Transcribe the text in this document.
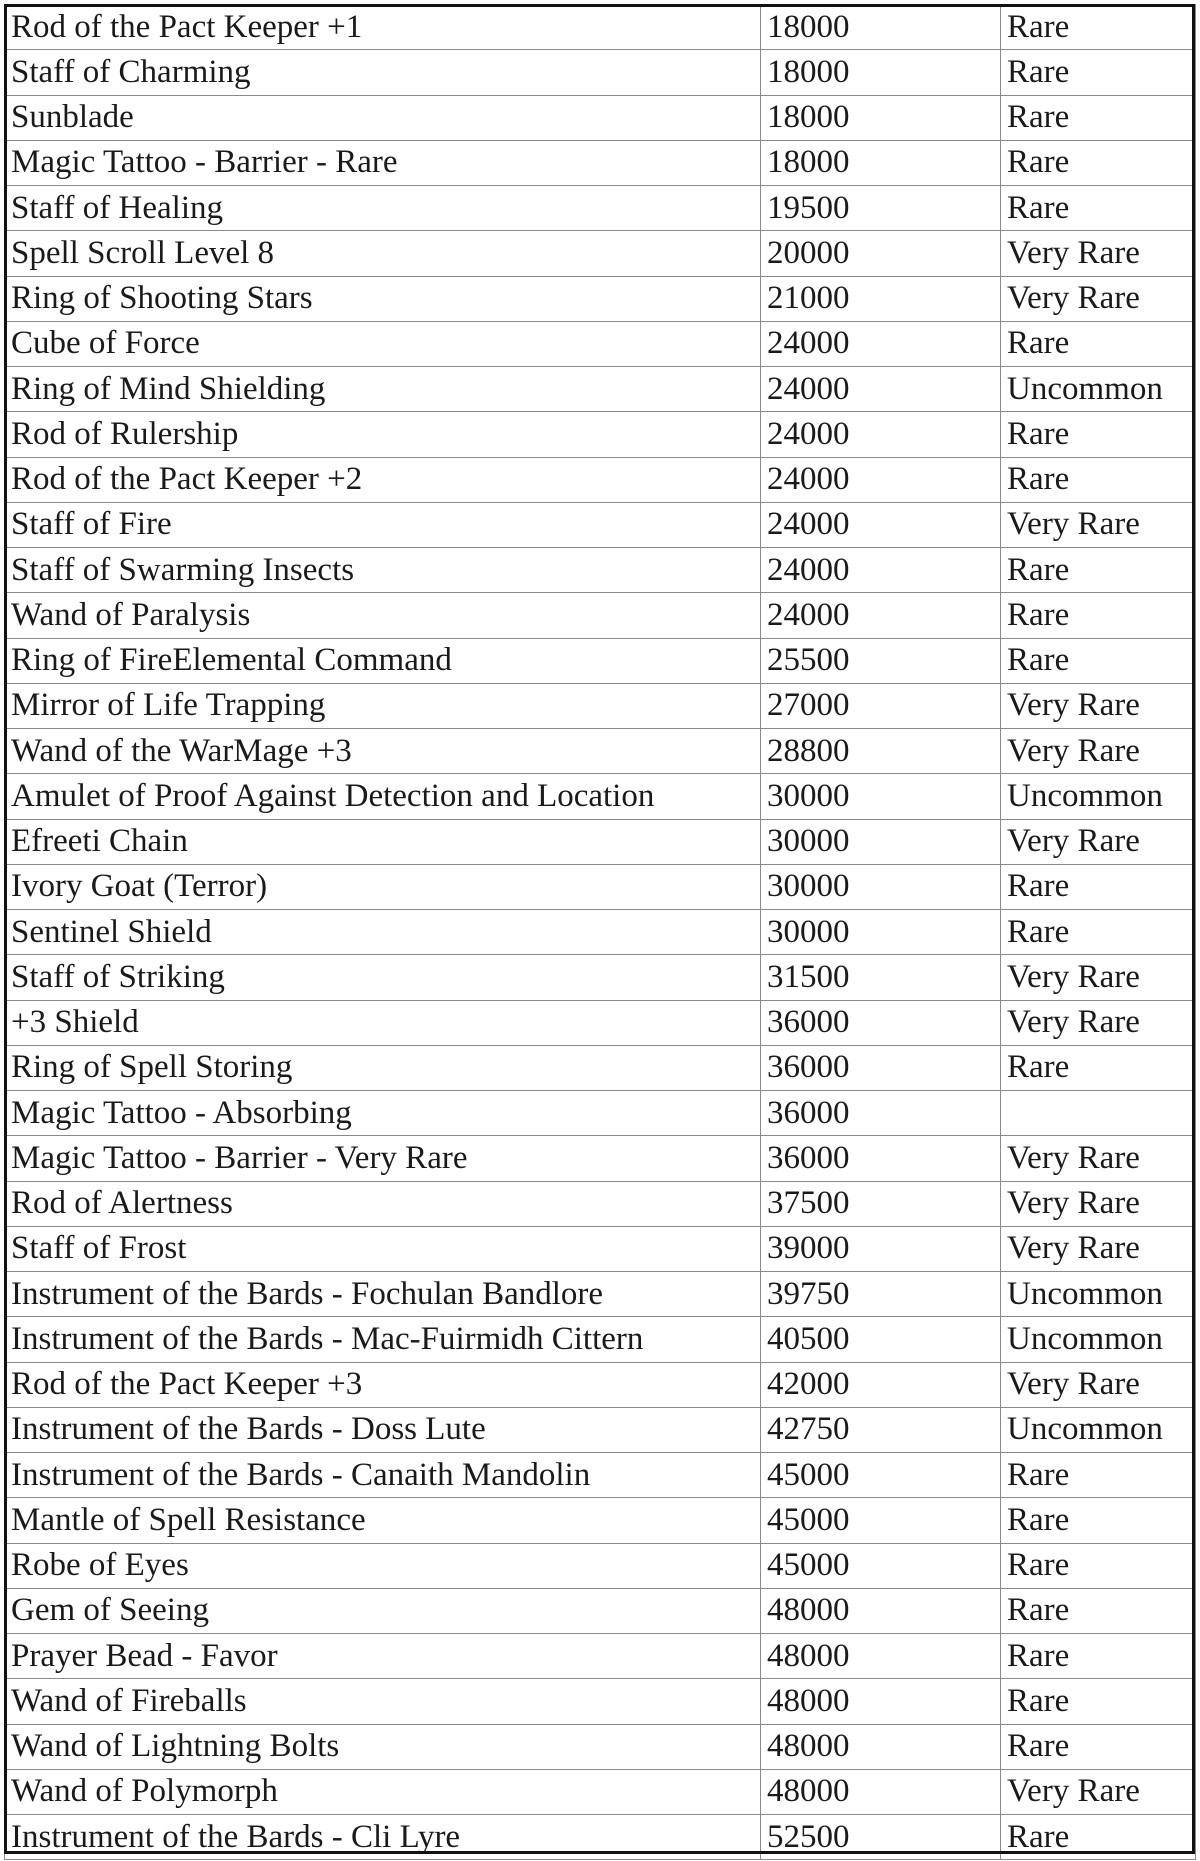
Rod of the Pact Keeper +1	18000	Rare
Staff of Charming	18000	Rare
Sunblade	18000	Rare
Magic Tattoo - Barrier - Rare	18000	Rare
Staff of Healing	19500	Rare
Spell Scroll Level 8	20000	Very Rare
Ring of Shooting Stars	21000	Very Rare
Cube of Force	24000	Rare
Ring of Mind Shielding	24000	Uncommon
Rod of Rulership	24000	Rare
Rod of the Pact Keeper +2	24000	Rare
Staff of Fire	24000	Very Rare
Staff of Swarming Insects	24000	Rare
Wand of Paralysis	24000	Rare
Ring of FireElemental Command	25500	Rare
Mirror of Life Trapping	27000	Very Rare
Wand of the WarMage +3	28800	Very Rare
Amulet of Proof Against Detection and Location	30000	Uncommon
Efreeti Chain	30000	Very Rare
Ivory Goat (Terror)	30000	Rare
Sentinel Shield	30000	Rare
Staff of Striking	31500	Very Rare
+3 Shield	36000	Very Rare
Ring of Spell Storing	36000	Rare
Magic Tattoo - Absorbing	36000	
Magic Tattoo - Barrier - Very Rare	36000	Very Rare
Rod of Alertness	37500	Very Rare
Staff of Frost	39000	Very Rare
Instrument of the Bards - Fochulan Bandlore	39750	Uncommon
Instrument of the Bards - Mac-Fuirmidh Cittern	40500	Uncommon
Rod of the Pact Keeper +3	42000	Very Rare
Instrument of the Bards - Doss Lute	42750	Uncommon
Instrument of the Bards - Canaith Mandolin	45000	Rare
Mantle of Spell Resistance	45000	Rare
Robe of Eyes	45000	Rare
Gem of Seeing	48000	Rare
Prayer Bead - Favor	48000	Rare
Wand of Fireballs	48000	Rare
Wand of Lightning Bolts	48000	Rare
Wand of Polymorph	48000	Very Rare
Instrument of the Bards - Cli Lyre	52500	Rare
